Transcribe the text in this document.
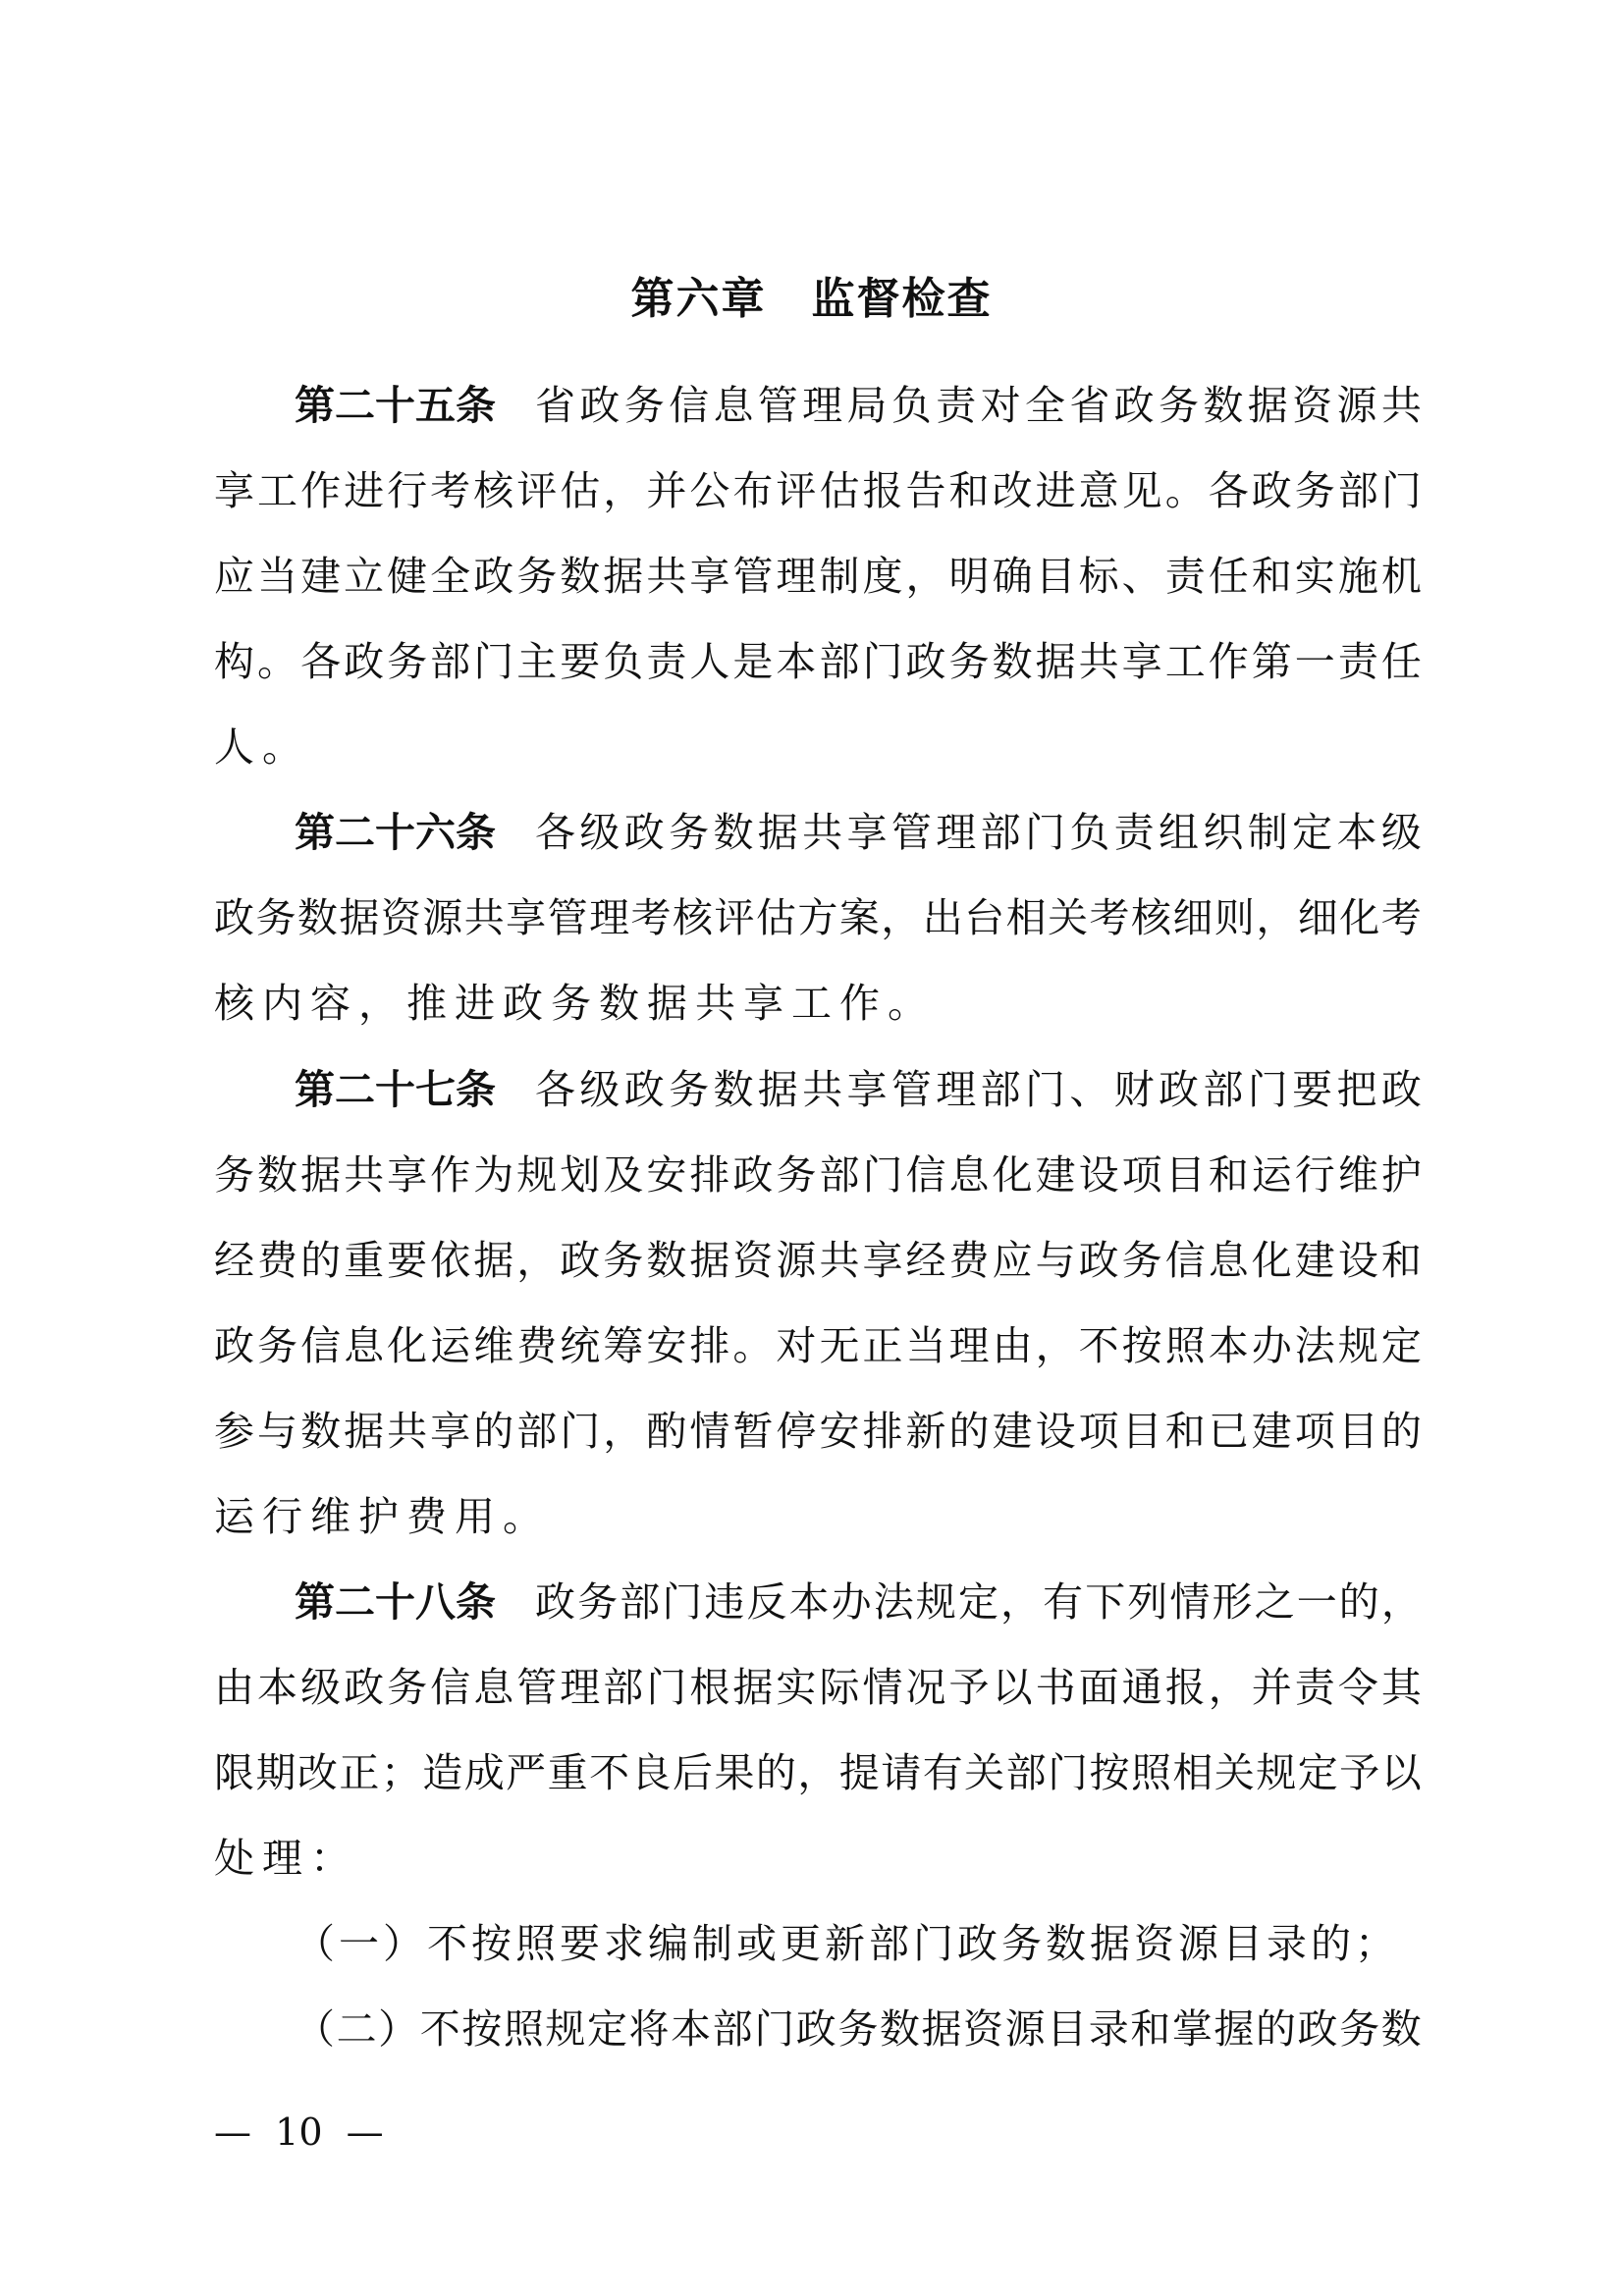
第六章　监督检查
第二十五条 省 政 务 信 息 管 理 局 负 责 对 全 省 政 务 数 据 资 源 共
享 工 作 进 行 考 核 评 估 ， 并 公 布 评 估 报 告 和 改 进 意 见 。 各 政 务 部 门
应 当 建 立 健 全 政 务 数 据 共 享 管 理 制 度 ， 明 确 目 标 、 责 任 和 实 施 机
构 。 各 政 务 部 门 主 要 负 责 人 是 本 部 门 政 务 数 据 共 享 工 作 第 一 责 任
人。
第二十六条 各 级 政 务 数 据 共 享 管 理 部 门 负 责 组 织 制 定 本 级
政 务 数 据 资 源 共 享 管 理 考 核 评 估 方 案 ， 出 台 相 关 考 核 细 则 ， 细 化 考
核内容，推进政务数据共享工作。
第二十七条 各 级 政 务 数 据 共 享 管 理 部 门 、 财 政 部 门 要 把 政
务 数 据 共 享 作 为 规 划 及 安 排 政 务 部 门 信 息 化 建 设 项 目 和 运 行 维 护
经 费 的 重 要 依 据 ， 政 务 数 据 资 源 共 享 经 费 应 与 政 务 信 息 化 建 设 和
政 务 信 息 化 运 维 费 统 筹 安 排 。 对 无 正 当 理 由 ， 不 按 照 本 办 法 规 定
参 与 数 据 共 享 的 部 门 ， 酌 情 暂 停 安 排 新 的 建 设 项 目 和 已 建 项 目 的
运行维护费用。
第二十八条 政 务 部 门 违 反 本 办 法 规 定 ， 有 下 列 情 形 之 一 的 ，
由 本 级 政 务 信 息 管 理 部 门 根 据 实 际 情 况 予 以 书 面 通 报 ， 并 责 令 其
限 期 改 正 ； 造 成 严 重 不 良 后 果 的 ， 提 请 有 关 部 门 按 照 相 关 规 定 予 以
处理：
（一）不按照要求编制或更新部门政务数据资源目录的；
（ 二 ） 不 按 照 规 定 将 本 部 门 政 务 数 据 资 源 目 录 和 掌 握 的 政 务 数
—  10  —
